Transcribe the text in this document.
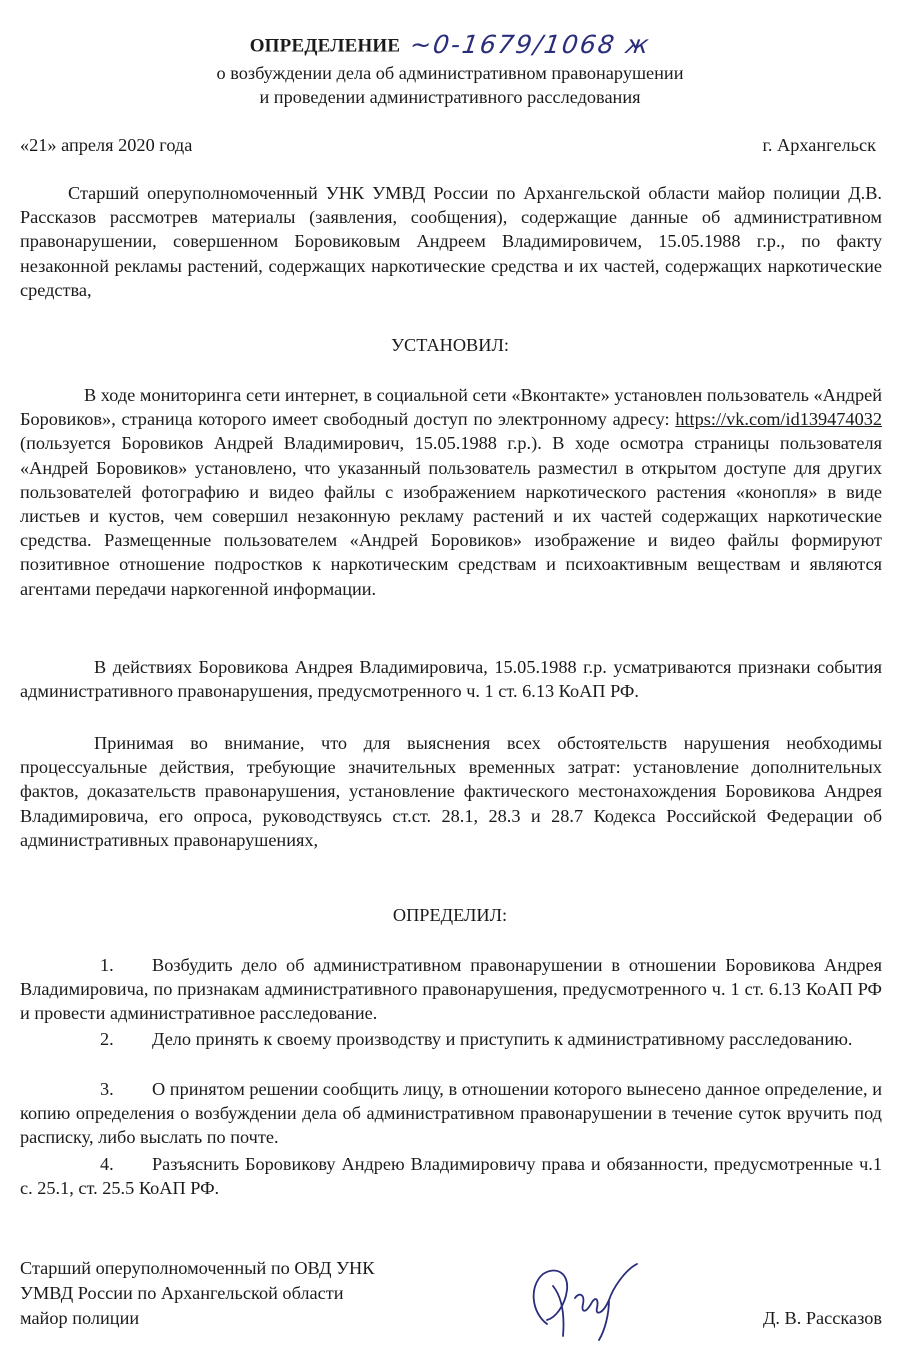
ОПРЕДЕЛЕНИЕ ~0-1679/1068 ж
о возбуждении дела об административном правонарушении
и проведении административного расследования
«21» апреля 2020 года	г. Архангельск

Старший оперуполномоченный УНК УМВД России по Архангельской области майор полиции Д.В. Рассказов рассмотрев материалы (заявления, сообщения), содержащие данные об административном правонарушении, совершенном Боровиковым Андреем Владимировичем, 15.05.1988 г.р., по факту незаконной рекламы растений, содержащих наркотические средства и их частей, содержащих наркотические средства,

УСТАНОВИЛ:

В ходе мониторинга сети интернет, в социальной сети «Вконтакте» установлен пользователь «Андрей Боровиков», страница которого имеет свободный доступ по электронному адресу: https://vk.com/id139474032 (пользуется Боровиков Андрей Владимирович, 15.05.1988 г.р.). В ходе осмотра страницы пользователя «Андрей Боровиков» установлено, что указанный пользователь разместил в открытом доступе для других пользователей фотографию и видео файлы с изображением наркотического растения «конопля» в виде листьев и кустов, чем совершил незаконную рекламу растений и их частей содержащих наркотические средства. Размещенные пользователем «Андрей Боровиков» изображение и видео файлы формируют позитивное отношение подростков к наркотическим средствам и психоактивным веществам и являются агентами передачи наркогенной информации.

В действиях Боровикова Андрея Владимировича, 15.05.1988 г.р. усматриваются признаки события административного правонарушения, предусмотренного ч. 1 ст. 6.13 КоАП РФ.

Принимая во внимание, что для выяснения всех обстоятельств нарушения необходимы процессуальные действия, требующие значительных временных затрат: установление дополнительных фактов, доказательств правонарушения, установление фактического местонахождения Боровикова Андрея Владимировича, его опроса, руководствуясь ст.ст. 28.1, 28.3 и 28.7 Кодекса Российской Федерации об административных правонарушениях,

ОПРЕДЕЛИЛ:

1. Возбудить дело об административном правонарушении в отношении Боровикова Андрея Владимировича, по признакам административного правонарушения, предусмотренного ч. 1 ст. 6.13 КоАП РФ и провести административное расследование.

2. Дело принять к своему производству и приступить к административному расследованию.

3. О принятом решении сообщить лицу, в отношении которого вынесено данное определение, и копию определения о возбуждении дела об административном правонарушении в течение суток вручить под расписку, либо выслать по почте.

4. Разъяснить Боровикову Андрею Владимировичу права и обязанности, предусмотренные ч.1 с. 25.1, ст. 25.5 КоАП РФ.

Старший оперуполномоченный по ОВД УНК
УМВД России по Архангельской области
майор полиции	Д. В. Рассказов
